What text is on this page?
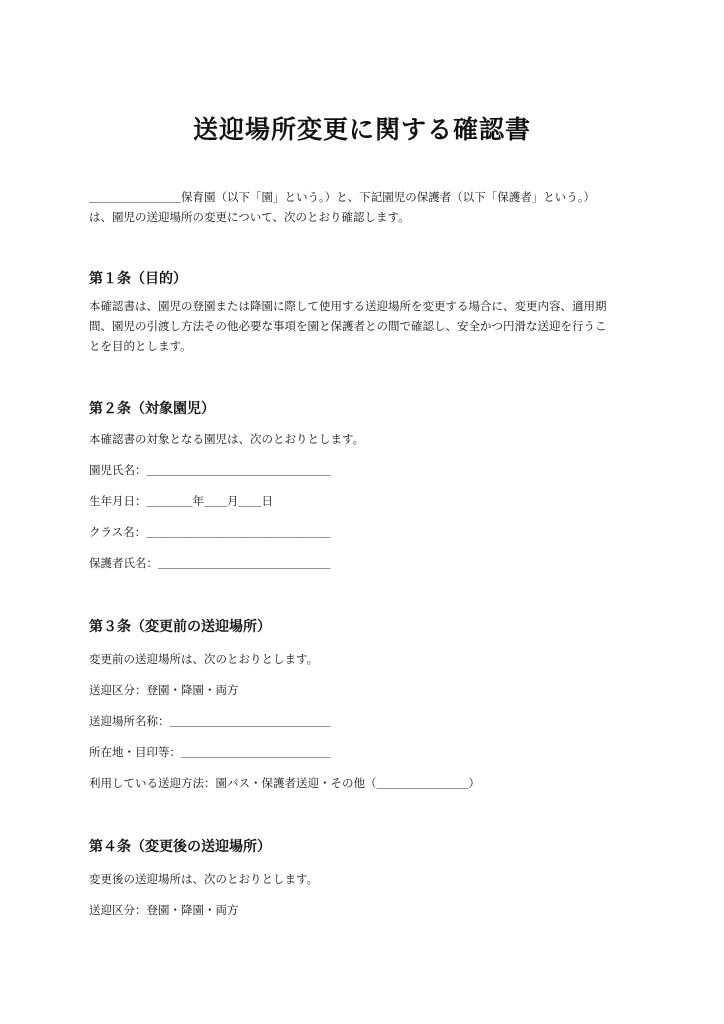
送迎場所変更に関する確認書

＿＿＿＿＿＿＿＿保育園（以下「園」という。）と、下記園児の保護者（以下「保護者」という。）

は、園児の送迎場所の変更について、次のとおり確認します。

第１条（目的）

本確認書は、園児の登園または降園に際して使用する送迎場所を変更する場合に、変更内容、適用期

間、園児の引渡し方法その他必要な事項を園と保護者との間で確認し、安全かつ円滑な送迎を行うこ

とを目的とします。

第２条（対象園児）

本確認書の対象となる園児は、次のとおりとします。

園児氏名：＿＿＿＿＿＿＿＿＿＿＿＿＿＿＿＿

生年月日：＿＿＿＿年＿＿月＿＿日

クラス名：＿＿＿＿＿＿＿＿＿＿＿＿＿＿＿＿

保護者氏名：＿＿＿＿＿＿＿＿＿＿＿＿＿＿＿

第３条（変更前の送迎場所）

変更前の送迎場所は、次のとおりとします。

送迎区分：登園・降園・両方

送迎場所名称：＿＿＿＿＿＿＿＿＿＿＿＿＿＿

所在地・目印等：＿＿＿＿＿＿＿＿＿＿＿＿＿

利用している送迎方法：園バス・保護者送迎・その他（＿＿＿＿＿＿＿＿）

第４条（変更後の送迎場所）

変更後の送迎場所は、次のとおりとします。

送迎区分：登園・降園・両方
